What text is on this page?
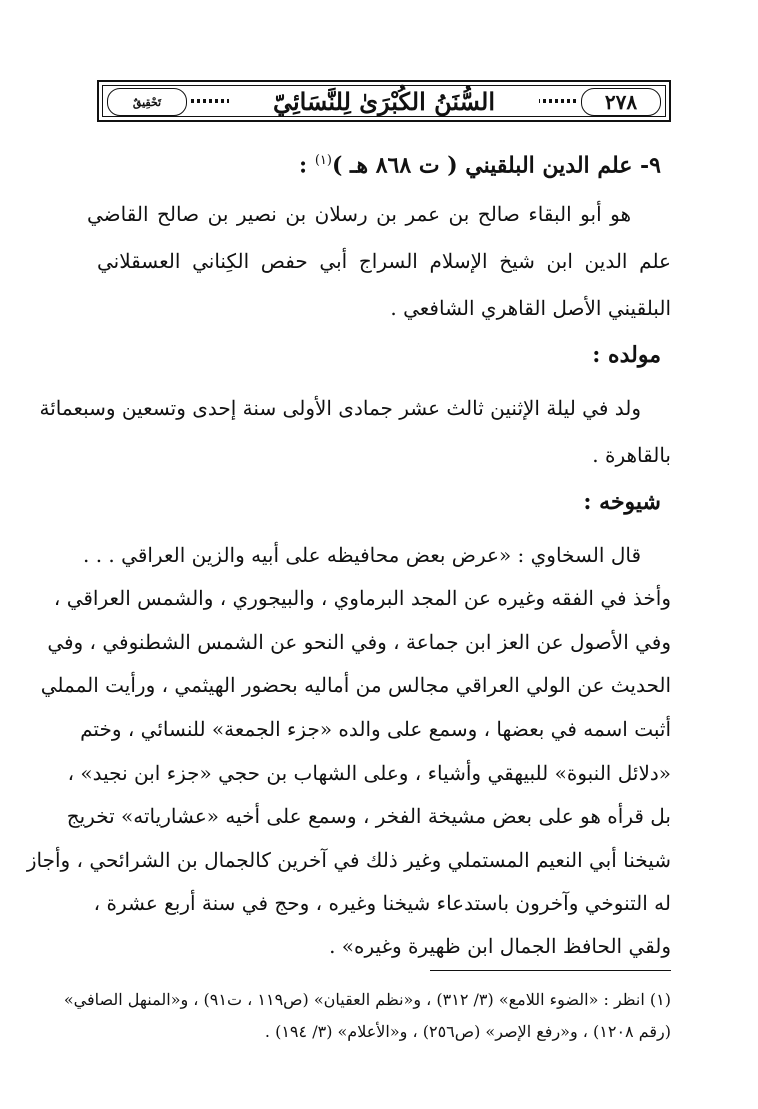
٢٧٨
السُّنَنُ الكُبْرَىٰ لِلنَّسَائِيّ
تَحْقِيقٌ
٩- علم الدين البلقيني ( ت ٨٦٨ هـ )$^{(١)}$ :
هو أبو البقاء صالح بن عمر بن رسلان بن نصير بن صالح القاضي
علم الدين ابن شيخ الإسلام السراج أبي حفص الكِناني العسقلاني
البلقيني الأصل القاهري الشافعي .
مولده :
ولد في ليلة الإثنين ثالث عشر جمادى الأولى سنة إحدى وتسعين وسبعمائة
بالقاهرة .
شيوخه :
قال السخاوي : «عرض بعض محافيظه على أبيه والزين العراقي . . .
وأخذ في الفقه وغيره عن المجد البرماوي ، والبيجوري ، والشمس العراقي ،
وفي الأصول عن العز ابن جماعة ، وفي النحو عن الشمس الشطنوفي ، وفي
الحديث عن الولي العراقي مجالس من أماليه بحضور الهيثمي ، ورأيت المملي
أثبت اسمه في بعضها ، وسمع على والده «جزء الجمعة» للنسائي ، وختم
«دلائل النبوة» للبيهقي وأشياء ، وعلى الشهاب بن حجي «جزء ابن نجيد» ،
بل قرأه هو على بعض مشيخة الفخر ، وسمع على أخيه «عشارياته» تخريج
شيخنا أبي النعيم المستملي وغير ذلك في آخرين كالجمال بن الشرائحي ، وأجاز
له التنوخي وآخرون باستدعاء شيخنا وغيره ، وحج في سنة أربع عشرة ،
ولقي الحافظ الجمال ابن ظهيرة وغيره» .
(١) انظر : «الضوء اللامع» (٣/ ٣١٢) ، و«نظم العقيان» (ص١١٩ ، ت٩١) ، و«المنهل الصافي»
(رقم ١٢٠٨) ، و«رفع الإصر» (ص٢٥٦) ، و«الأعلام» (٣/ ١٩٤) .
